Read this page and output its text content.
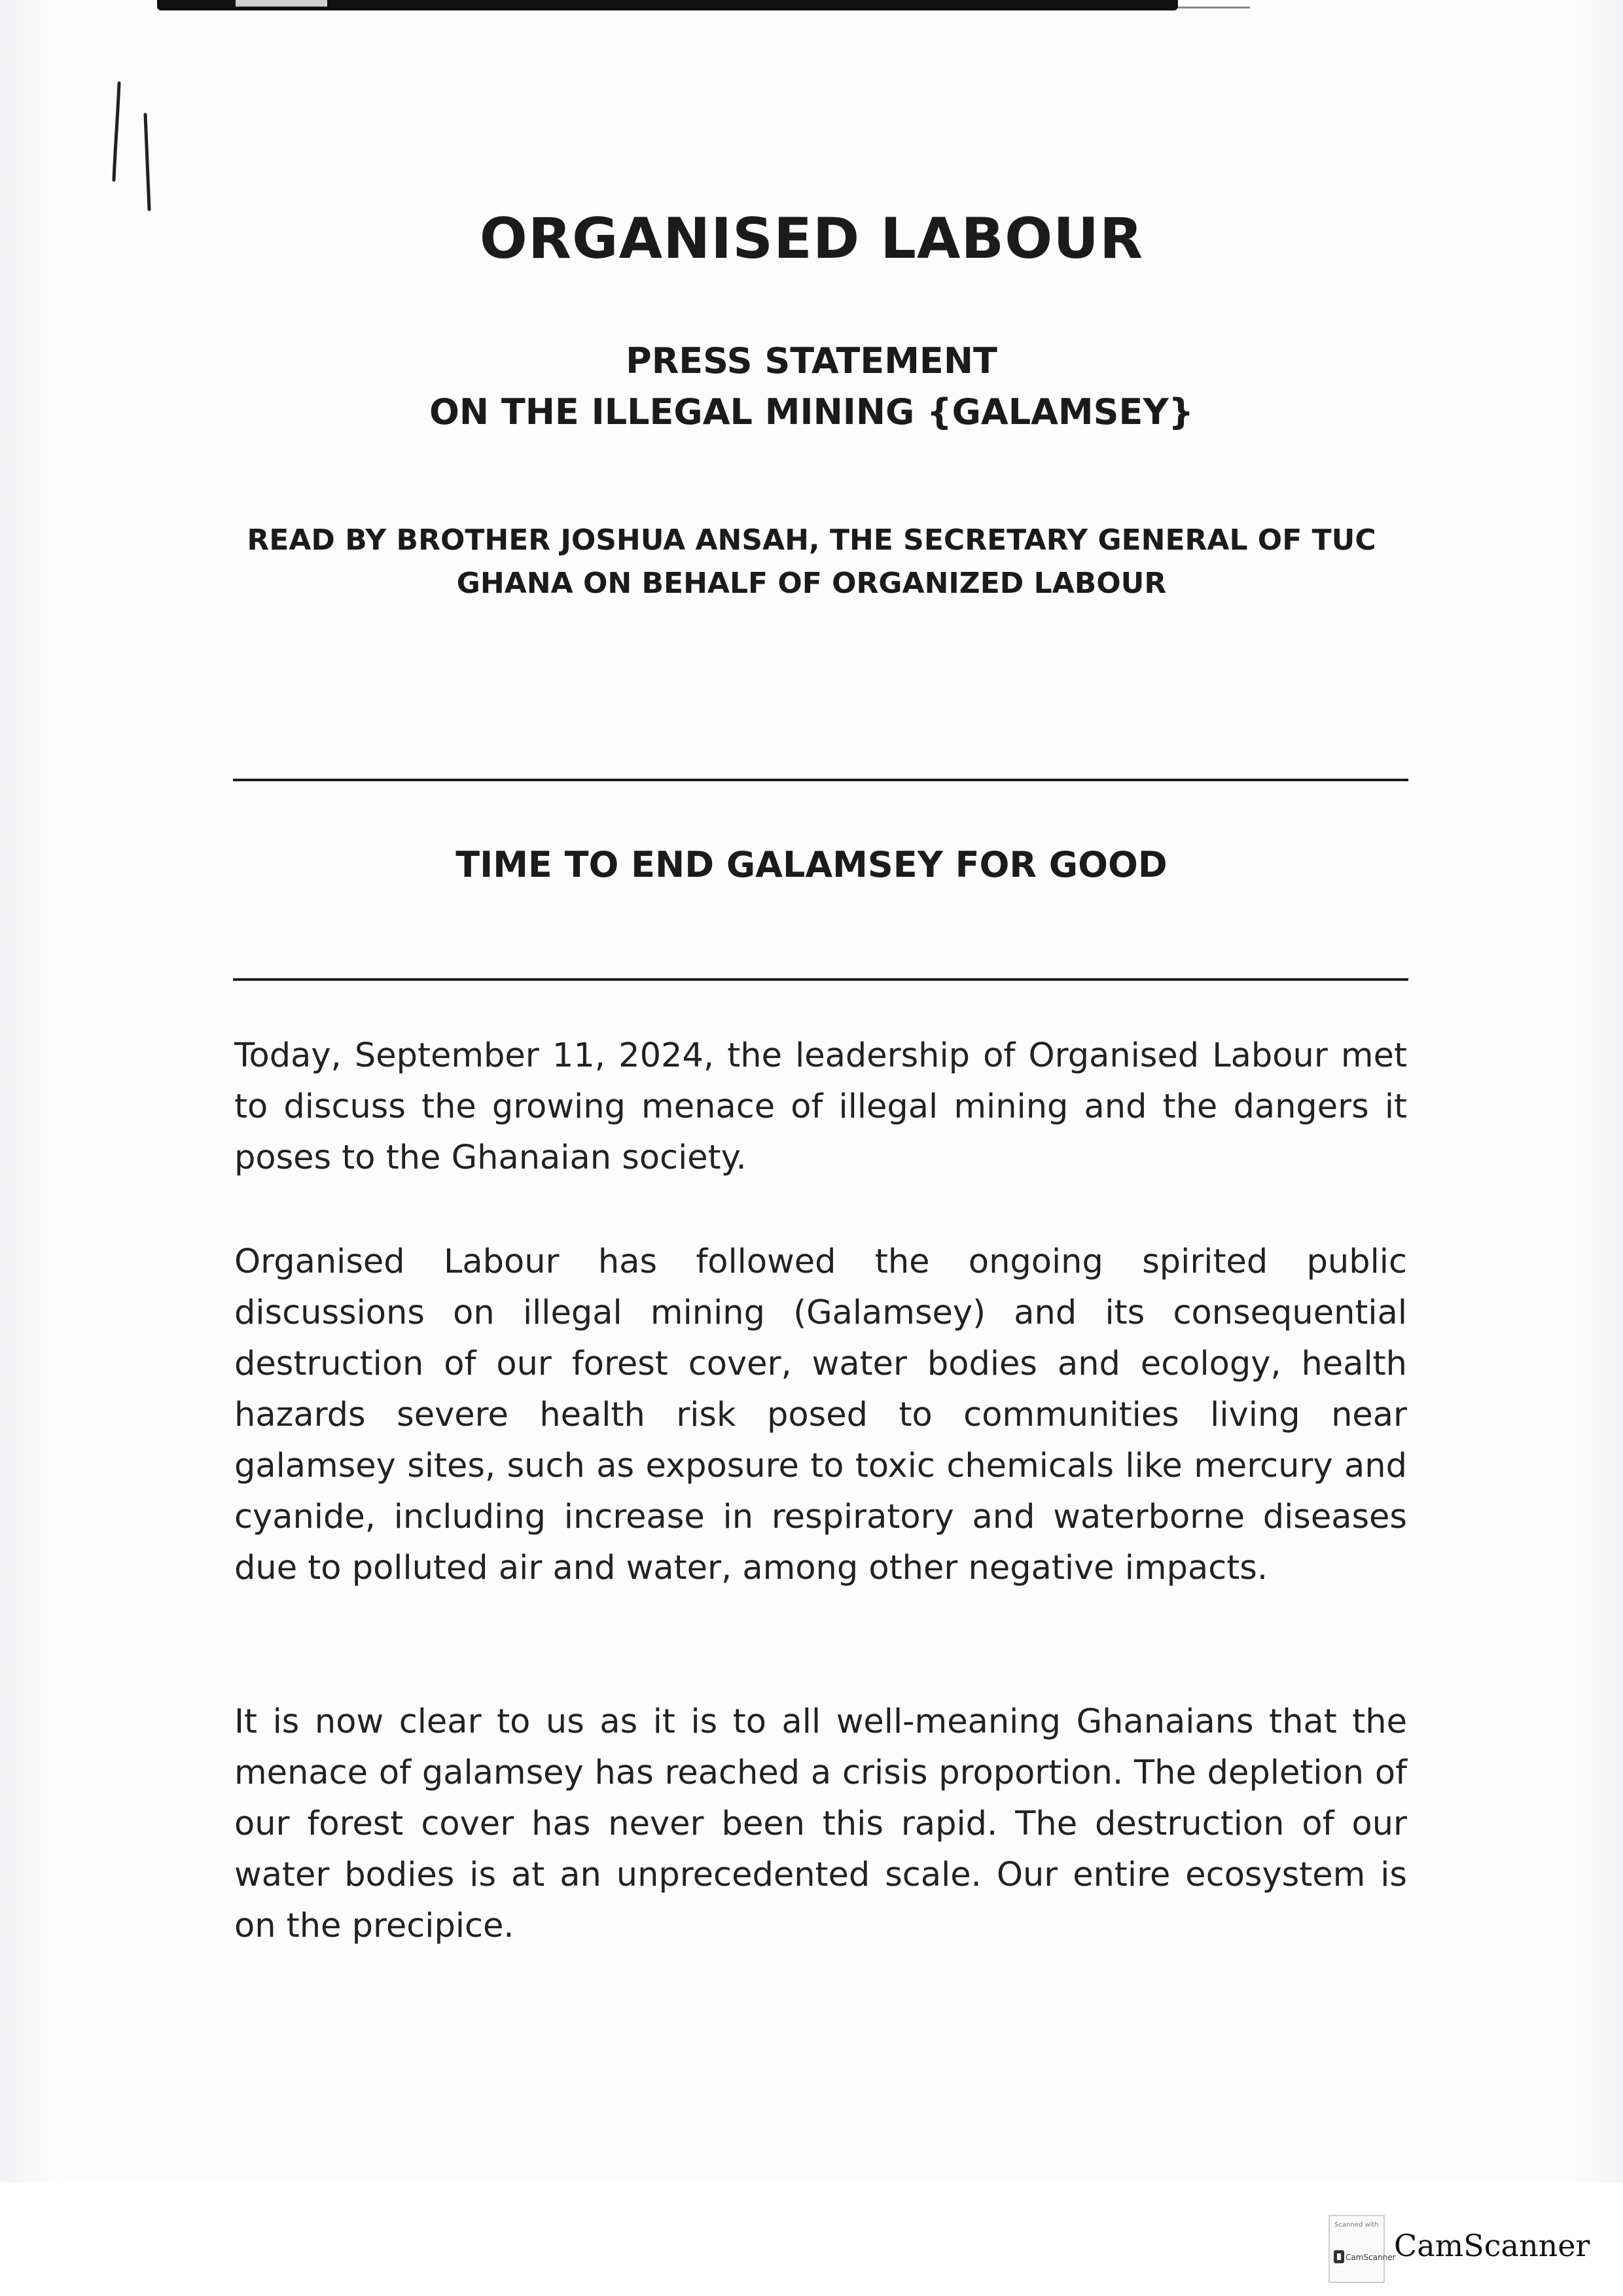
ORGANISED LABOUR
PRESS STATEMENT
ON THE ILLEGAL MINING {GALAMSEY}
READ BY BROTHER JOSHUA ANSAH, THE SECRETARY GENERAL OF TUC
GHANA ON BEHALF OF ORGANIZED LABOUR
TIME TO END GALAMSEY FOR GOOD

Today, September 11, 2024, the leadership of Organised Labour met to discuss the growing menace of illegal mining and the dangers it poses to the Ghanaian society.

Organised Labour has followed the ongoing spirited public discussions on illegal mining (Galamsey) and its consequential destruction of our forest cover, water bodies and ecology, health hazards severe health risk posed to communities living near galamsey sites, such as exposure to toxic chemicals like mercury and cyanide, including increase in respiratory and waterborne diseases due to polluted air and water, among other negative impacts.

It is now clear to us as it is to all well-meaning Ghanaians that the menace of galamsey has reached a crisis proportion. The depletion of our forest cover has never been this rapid. The destruction of our water bodies is at an unprecedented scale. Our entire ecosystem is on the precipice.

Scanned with
CamScanner
CamScanner
